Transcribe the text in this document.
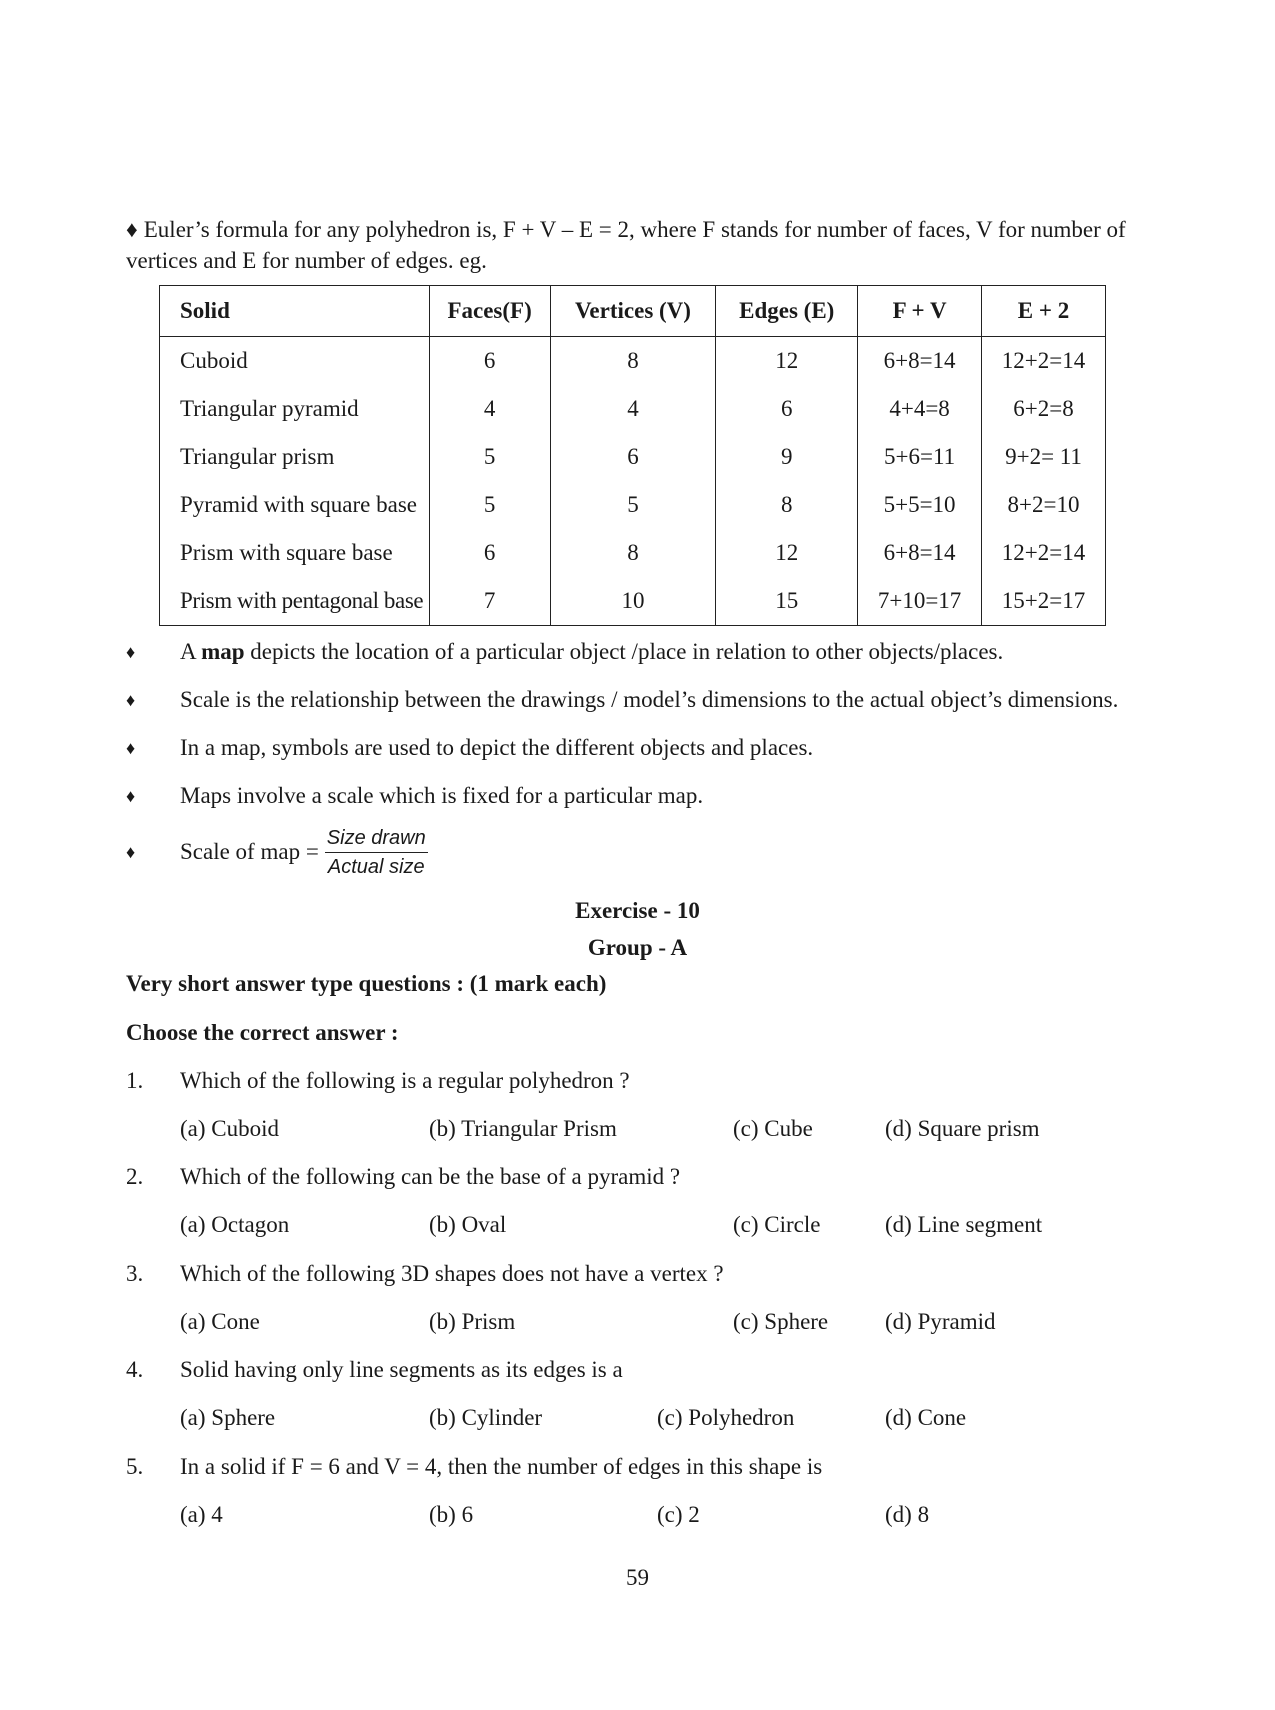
♦ Euler’s formula for any polyhedron is, F + V – E = 2, where F stands for number of faces, V for number of vertices and E for number of edges. eg.
Solid	Faces(F)	Vertices (V)	Edges (E)	F + V	E + 2
Cuboid	6	8	12	6+8=14	12+2=14
Triangular pyramid	4	4	6	4+4=8	6+2=8
Triangular prism	5	6	9	5+6=11	9+2= 11
Pyramid with square base	5	5	8	5+5=10	8+2=10
Prism with square base	6	8	12	6+8=14	12+2=14
Prism with pentagonal base	7	10	15	7+10=17	15+2=17
♦ A map depicts the location of a particular object /place in relation to other objects/places.
♦ Scale is the relationship between the drawings / model’s dimensions to the actual object’s dimensions.
♦ In a map, symbols are used to depict the different objects and places.
♦ Maps involve a scale which is fixed for a particular map.
♦ Scale of map = $\frac{\text{Size drawn}}{\text{Actual size}}$
Exercise - 10
Group - A
Very short answer type questions : (1 mark each)
Choose the correct answer :
1. Which of the following is a regular polyhedron ?
(a) Cuboid	(b) Triangular Prism	(c) Cube	(d) Square prism
2. Which of the following can be the base of a pyramid ?
(a) Octagon	(b) Oval	(c) Circle	(d) Line segment
3. Which of the following 3D shapes does not have a vertex ?
(a) Cone	(b) Prism	(c) Sphere (d) Pyramid
4. Solid having only line segments as its edges is a
(a) Sphere	(b) Cylinder	(c) Polyhedron	(d) Cone
5. In a solid if F = 6 and V = 4, then the number of edges in this shape is
(a) 4	(b) 6	(c) 2	(d) 8
59
